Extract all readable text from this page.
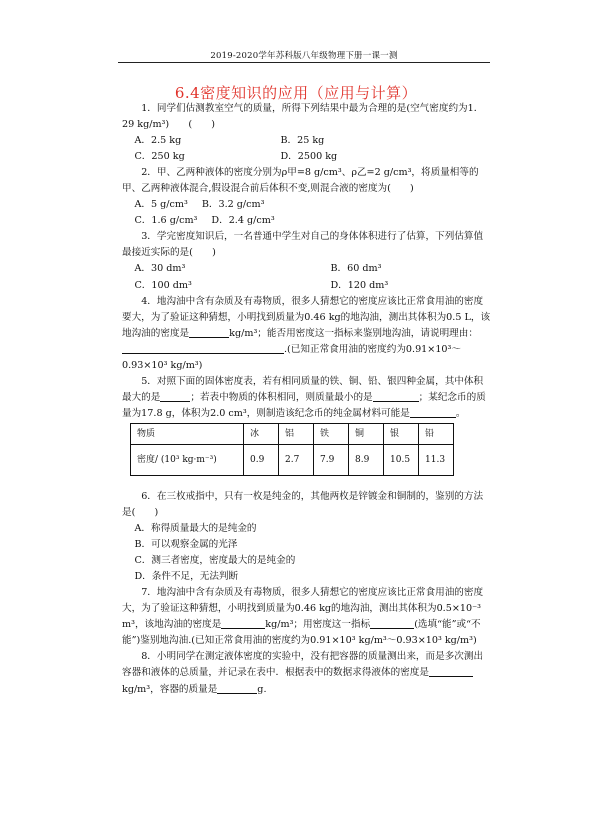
2019-2020学年苏科版八年级物理下册一课一测
6.4密度知识的应用（应用与计算）

1．同学们估测教室空气的质量，所得下列结果中最为合理的是(空气密度约为1．29 kg/m³)　　(　　)

A．2.5 kg	B．25 kg
C．250 kg	D．2500 kg

2．甲、乙两种液体的密度分别为ρ甲=8 g/cm³、ρ乙=2 g/cm³，将质量相等的甲、乙两种液体混合,假设混合前后体积不变,则混合液的密度为(　　)

A．5 g/cm³ B．3.2 g/cm³
C．1.6 g/cm³ D．2.4 g/cm³

3．学完密度知识后，一名普通中学生对自己的身体体积进行了估算，下列估算值最接近实际的是(　　)

A．30 dm³	B．60 dm³
C．100 dm³	D．120 dm³

4．地沟油中含有杂质及有毒物质，很多人猜想它的密度应该比正常食用油的密度要大，为了验证这种猜想，小明找到质量为0.46 kg的地沟油，测出其体积为0.5 L，该地沟油的密度是	kg/m³；能否用密度这一指标来鉴别地沟油，请说明理由：

.(已知正常食用油的密度约为0.91×10³～0.93×10³ kg/m³)

5．对照下面的固体密度表，若有相同质量的铁、铜、铅、银四种金属，其中体积最大的是	；若表中物质的体积相同，则质量最小的是	；某纪念币的质量为17.8 g，体积为2.0 cm³，则制造该纪念币的纯金属材料可能是	。

物质	冰	铝	铁	铜	银	铅
密度/ (10³ kg·m⁻³)	0.9	2.7	7.9	8.9	10.5	11.3

6．在三枚戒指中，只有一枚是纯金的，其他两枚是锌镀金和铜制的，鉴别的方法是(　　)

A．称得质量最大的是纯金的
B．可以观察金属的光泽
C．测三者密度，密度最大的是纯金的
D．条件不足，无法判断

7．地沟油中含有杂质及有毒物质，很多人猜想它的密度应该比正常食用油的密度大，为了验证这种猜想，小明找到质量为0.46 kg的地沟油，测出其体积为0.5×10⁻³ m³，该地沟油的密度是	kg/m³；用密度这一指标	(选填“能”或“不能”)鉴别地沟油.(已知正常食用油的密度约为0.91×10³ kg/m³～0.93×10³ kg/m³)

8．小明同学在测定液体密度的实验中，没有把容器的质量测出来，而是多次测出容器和液体的总质量，并记录在表中．根据表中的数据求得液体的密度是kg/m³，容器的质量是	g.
